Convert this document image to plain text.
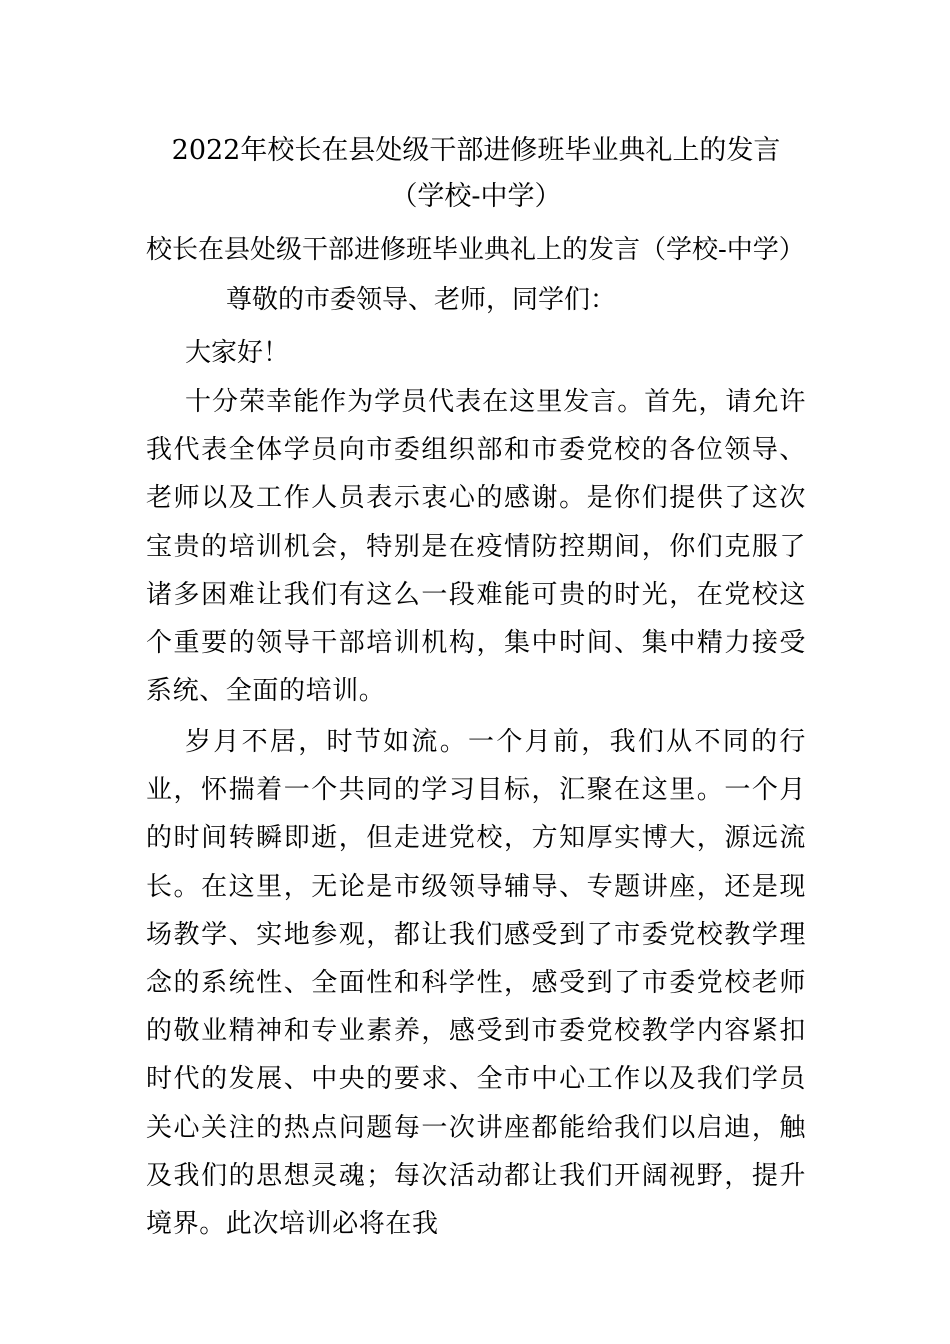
2022年校长在县处级干部进修班毕业典礼上的发言（学校-中学）
校长在县处级干部进修班毕业典礼上的发言（学校-中学）
尊敬的市委领导、老师，同学们：
大家好！
十分荣幸能作为学员代表在这里发言。首先，请允许我代表全体学员向市委组织部和市委党校的各位领导、老师以及工作人员表示衷心的感谢。是你们提供了这次宝贵的培训机会，特别是在疫情防控期间，你们克服了诸多困难让我们有这么一段难能可贵的时光，在党校这个重要的领导干部培训机构，集中时间、集中精力接受系统、全面的培训。
岁月不居，时节如流。一个月前，我们从不同的行业，怀揣着一个共同的学习目标，汇聚在这里。一个月的时间转瞬即逝，但走进党校，方知厚实博大，源远流长。在这里，无论是市级领导辅导、专题讲座，还是现场教学、实地参观，都让我们感受到了市委党校教学理念的系统性、全面性和科学性，感受到了市委党校老师的敬业精神和专业素养，感受到市委党校教学内容紧扣时代的发展、中央的要求、全市中心工作以及我们学员关心关注的热点问题每一次讲座都能给我们以启迪，触及我们的思想灵魂；每次活动都让我们开阔视野，提升境界。此次培训必将在我
